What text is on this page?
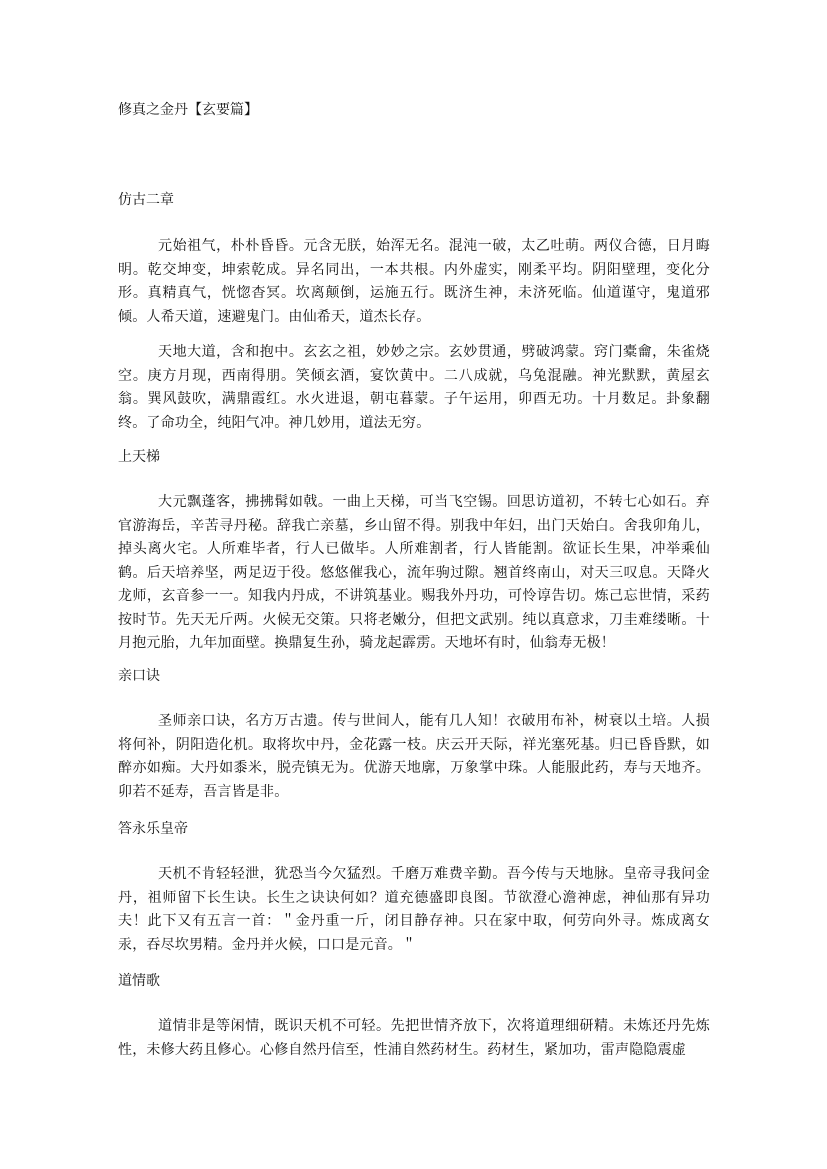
修真之金丹【玄要篇】
仿古二章

元始祖气，朴朴昏昏。元含无朕，始浑无名。混沌一破，太乙吐萌。两仪合德，日月晦明。乾交坤变，坤索乾成。异名同出，一本共根。内外虚实，刚柔平均。阴阳壁理，变化分形。真精真气，恍惚杳冥。坎离颠倒，运施五行。既济生神，未济死临。仙道谨守，鬼道邪倾。人希天道，速避鬼门。由仙希天，道杰长存。

天地大道，含和抱中。玄玄之祖，妙妙之宗。玄妙贯通，劈破鸿蒙。窍门橐龠，朱雀烧空。庚方月现，西南得朋。笑倾玄酒，宴饮黄中。二八成就，乌兔混融。神光默默，黄屋玄翁。巽风鼓吹，满鼎霞红。水火进退，朝屯暮蒙。子午运用，卯酉无功。十月数足。卦象翻终。了命功全，纯阳气冲。神几妙用，道法无穷。

上天梯

大元飘蓬客，拂拂髯如戟。一曲上天梯，可当飞空锡。回思访道初，不转七心如石。弃官游海岳，辛苦寻丹秘。辞我亡亲墓，乡山留不得。别我中年妇，出门天始白。舍我卯角儿，掉头离火宅。人所难毕者，行人已做毕。人所难割者，行人皆能割。欲证长生果，冲举乘仙鹤。后天培养坚，两足迈于役。悠悠催我心，流年驹过隙。翘首终南山，对天三叹息。天降火龙师，玄音参一一。知我内丹成，不讲筑基业。赐我外丹功，可怜谆告切。炼己忘世情，采药按时节。先天无斤两。火候无交策。只将老嫩分，但把文武别。纯以真意求，刀圭难缕晰。十月抱元胎，九年加面壁。换鼎复生孙，骑龙起霹雳。天地坏有时，仙翁寿无极！

亲口诀

圣师亲口诀，名方万古遗。传与世间人，能有几人知！衣破用布补，树衰以土培。人损将何补，阴阳造化机。取将坎中丹，金花露一枝。庆云开天际，祥光塞死基。归已昏昏默，如醉亦如痴。大丹如黍米，脱壳镇无为。优游天地廓，万象掌中珠。人能服此药，寿与天地齐。卯若不延寿，吾言皆是非。

答永乐皇帝

天机不肯轻轻泄，犹恐当今欠猛烈。千磨万难费辛勤。吾今传与天地脉。皇帝寻我问金丹，祖师留下长生诀。长生之诀诀何如？道充德盛即良图。节欲澄心澹神虑，神仙那有异功夫！此下又有五言一首：＂金丹重一斤，闭目静存神。只在家中取，何劳向外寻。炼成离女汞，吞尽坎男精。金丹并火候，口口是元音。＂

道情歌

道情非是等闲情，既识天机不可轻。先把世情齐放下，次将道理细研精。未炼还丹先炼性，未修大药且修心。心修自然丹信至，性浦自然药材生。药材生，紧加功，雷声隐隐震虚
